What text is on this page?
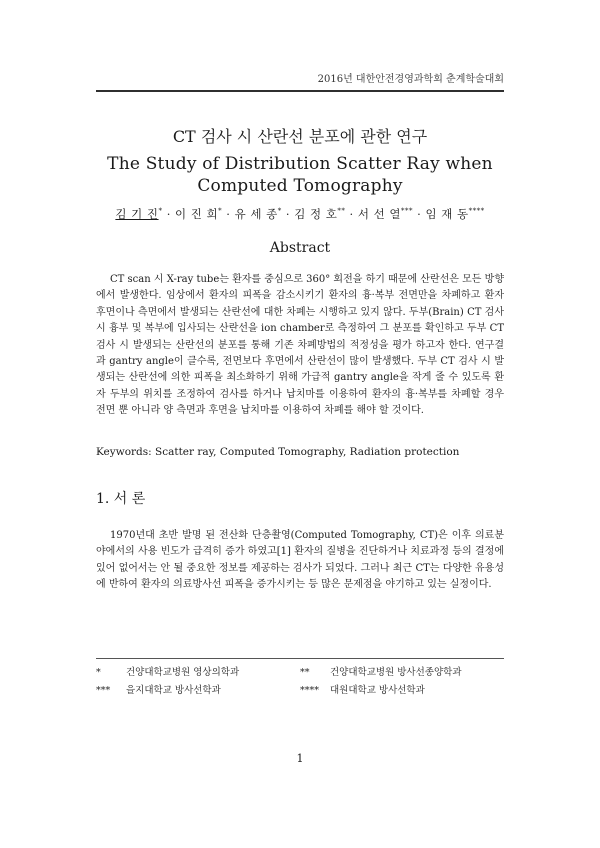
2016년 대한안전경영과학회 춘계학술대회
CT 검사 시 산란선 분포에 관한 연구
The Study of Distribution Scatter Ray when
Computed Tomography
김 기 진* · 이 진 희* · 유 세 종* · 김 정 호** · 서 선 열*** · 임 재 동****
Abstract

CT scan 시 X-ray tube는 환자를 중심으로 360° 회전을 하기 때문에 산란선은 모든 방향에서 발생한다. 임상에서 환자의 피폭을 감소시키기 환자의 흉·복부 전면만을 차폐하고 환자 후면이나 측면에서 발생되는 산란선에 대한 차폐는 시행하고 있지 않다. 두부(Brain) CT 검사 시 흉부 및 복부에 입사되는 산란선을 ion chamber로 측정하여 그 분포를 확인하고 두부 CT 검사 시 발생되는 산란선의 분포를 통해 기존 차폐방법의 적정성을 평가 하고자 한다. 연구결과 gantry angle이 클수록, 전면보다 후면에서 산란선이 많이 발생했다. 두부 CT 검사 시 발생되는 산란선에 의한 피폭을 최소화하기 위해 가급적 gantry angle을 작게 줄 수 있도록 환자 두부의 위치를 조정하여 검사를 하거나 납치마를 이용하여 환자의 흉·복부를 차폐할 경우 전면 뿐 아니라 양 측면과 후면을 납치마를 이용하여 차폐를 해야 할 것이다.

Keywords: Scatter ray, Computed Tomography, Radiation protection

1. 서 론

1970년대 초반 발명 된 전산화 단층촬영(Computed Tomography, CT)은 이후 의료분야에서의 사용 빈도가 급격히 증가 하였고[1] 환자의 질병을 진단하거나 치료과정 등의 결정에 있어 없어서는 안 될 중요한 정보를 제공하는 검사가 되었다. 그러나 최근 CT는 다양한 유용성에 반하여 환자의 의료방사선 피폭을 증가시키는 등 많은 문제점을 야기하고 있는 실정이다.

*	건양대학교병원 영상의학과	**	건양대학교병원 방사선종양학과
***	을지대학교 방사선학과	****	대원대학교 방사선학과
1
